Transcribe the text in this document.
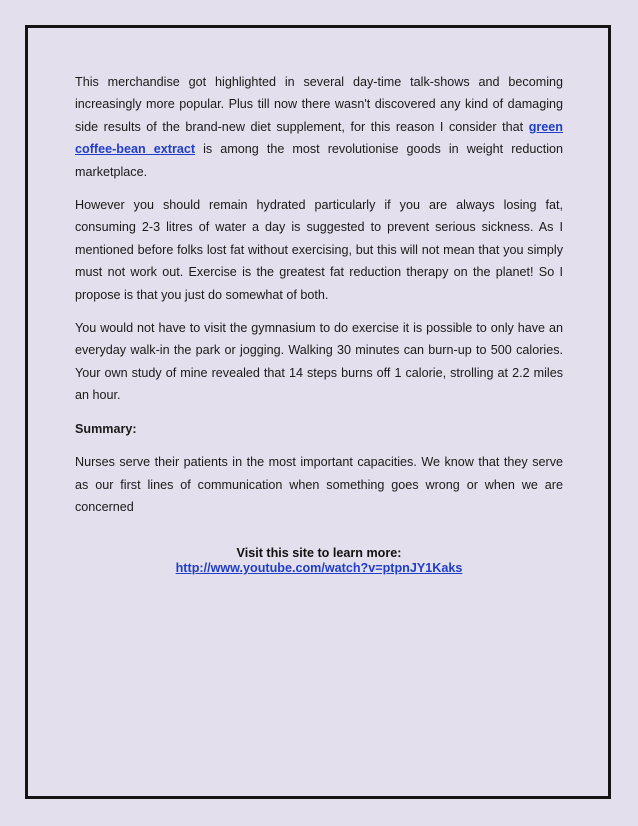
This merchandise got highlighted in several day-time talk-shows and becoming increasingly more popular. Plus till now there wasn't discovered any kind of damaging side results of the brand-new diet supplement, for this reason I consider that green coffee-bean extract is among the most revolutionise goods in weight reduction marketplace.

However you should remain hydrated particularly if you are always losing fat, consuming 2-3 litres of water a day is suggested to prevent serious sickness. As I mentioned before folks lost fat without exercising, but this will not mean that you simply must not work out. Exercise is the greatest fat reduction therapy on the planet! So I propose is that you just do somewhat of both.

You would not have to visit the gymnasium to do exercise it is possible to only have an everyday walk-in the park or jogging. Walking 30 minutes can burn-up to 500 calories. Your own study of mine revealed that 14 steps burns off 1 calorie, strolling at 2.2 miles an hour.

Summary:

Nurses serve their patients in the most important capacities. We know that they serve as our first lines of communication when something goes wrong or when we are concerned

Visit this site to learn more:
http://www.youtube.com/watch?v=ptpnJY1Kaks
